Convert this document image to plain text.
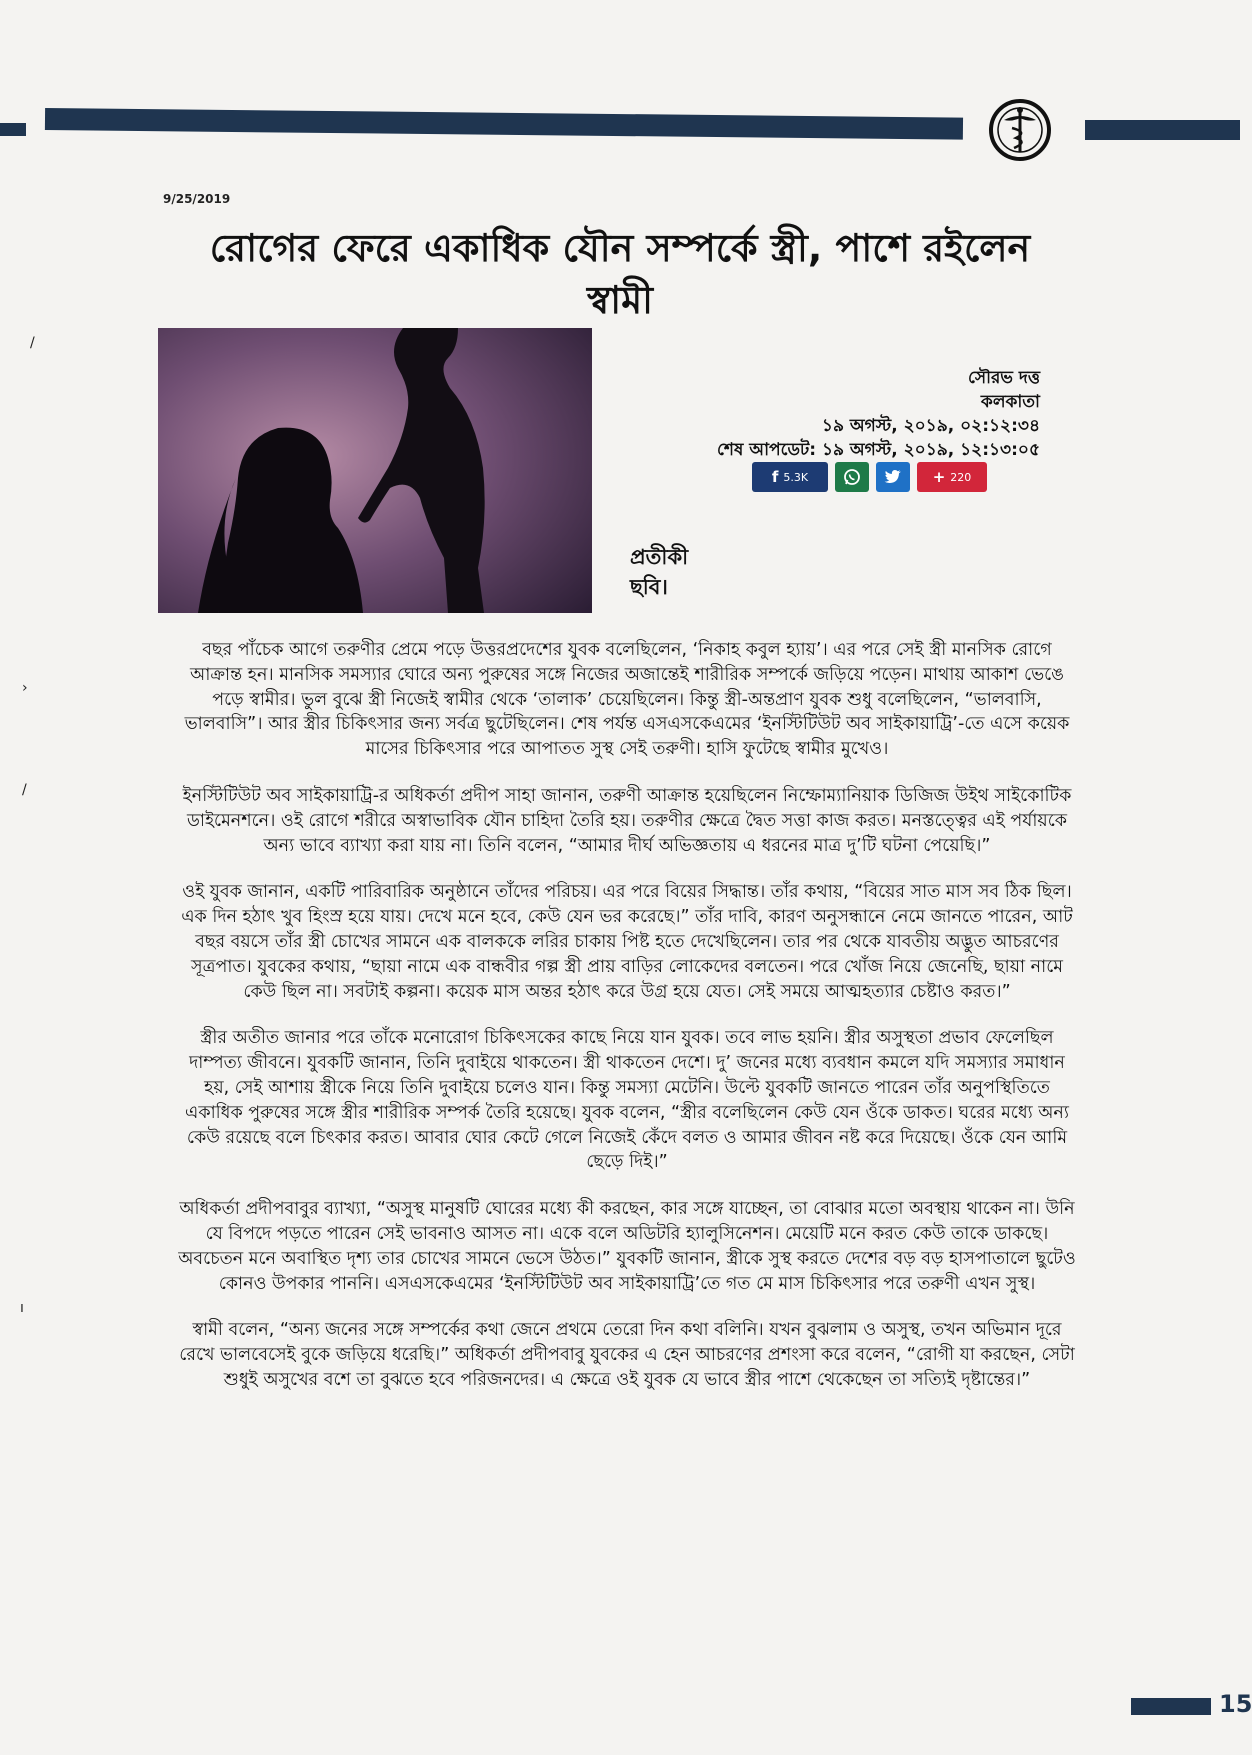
9/25/2019
রোগের ফেরে একাধিক যৌন সম্পর্কে স্ত্রী, পাশে রইলেন স্বামী
সৌরভ দত্ত
কলকাতা
১৯ অগস্ট, ২০১৯, ০২:১২:৩৪
শেষ আপডেট: ১৯ অগস্ট, ২০১৯, ১২:১৩:০৫
f 5.3K	+ 220
প্রতীকী ছবি।

বছর পাঁচেক আগে তরুণীর প্রেমে পড়ে উত্তরপ্রদেশের যুবক বলেছিলেন, ‘নিকাহ কবুল হ্যায়’। এর পরে সেই স্ত্রী মানসিক রোগে আক্রান্ত হন। মানসিক সমস্যার ঘোরে অন্য পুরুষের সঙ্গে নিজের অজান্তেই শারীরিক সম্পর্কে জড়িয়ে পড়েন। মাথায় আকাশ ভেঙে পড়ে স্বামীর। ভুল বুঝে স্ত্রী নিজেই স্বামীর থেকে ‘তালাক’ চেয়েছিলেন। কিন্তু স্ত্রী-অন্তপ্রাণ যুবক শুধু বলেছিলেন, “ভালবাসি, ভালবাসি”। আর স্ত্রীর চিকিৎসার জন্য সর্বত্র ছুটেছিলেন। শেষ পর্যন্ত এসএসকেএমের ‘ইনস্টিটিউট অব সাইকায়াট্রি’-তে এসে কয়েক মাসের চিকিৎসার পরে আপাতত সুস্থ সেই তরুণী। হাসি ফুটেছে স্বামীর মুখেও।

ইনস্টিটিউট অব সাইকায়াট্রি-র অধিকর্তা প্রদীপ সাহা জানান, তরুণী আক্রান্ত হয়েছিলেন নিম্ফোম্যানিয়াক ডিজিজ উইথ সাইকোটিক ডাইমেনশনে। ওই রোগে শরীরে অস্বাভাবিক যৌন চাহিদা তৈরি হয়। তরুণীর ক্ষেত্রে দ্বৈত সত্তা কাজ করত। মনস্তত্ত্বের এই পর্যায়কে অন্য ভাবে ব্যাখ্যা করা যায় না। তিনি বলেন, “আমার দীর্ঘ অভিজ্ঞতায় এ ধরনের মাত্র দু’টি ঘটনা পেয়েছি।”

ওই যুবক জানান, একটি পারিবারিক অনুষ্ঠানে তাঁদের পরিচয়। এর পরে বিয়ের সিদ্ধান্ত। তাঁর কথায়, “বিয়ের সাত মাস সব ঠিক ছিল। এক দিন হঠাৎ খুব হিংস্র হয়ে যায়। দেখে মনে হবে, কেউ যেন ভর করেছে।” তাঁর দাবি, কারণ অনুসন্ধানে নেমে জানতে পারেন, আট বছর বয়সে তাঁর স্ত্রী চোখের সামনে এক বালককে লরির চাকায় পিষ্ট হতে দেখেছিলেন। তার পর থেকে যাবতীয় অদ্ভুত আচরণের সূত্রপাত। যুবকের কথায়, “ছায়া নামে এক বান্ধবীর গল্প স্ত্রী প্রায় বাড়ির লোকেদের বলতেন। পরে খোঁজ নিয়ে জেনেছি, ছায়া নামে কেউ ছিল না। সবটাই কল্পনা। কয়েক মাস অন্তর হঠাৎ করে উগ্র হয়ে যেত। সেই সময়ে আত্মহত্যার চেষ্টাও করত।”

স্ত্রীর অতীত জানার পরে তাঁকে মনোরোগ চিকিৎসকের কাছে নিয়ে যান যুবক। তবে লাভ হয়নি। স্ত্রীর অসুস্থতা প্রভাব ফেলেছিল দাম্পত্য জীবনে। যুবকটি জানান, তিনি দুবাইয়ে থাকতেন। স্ত্রী থাকতেন দেশে। দু’ জনের মধ্যে ব্যবধান কমলে যদি সমস্যার সমাধান হয়, সেই আশায় স্ত্রীকে নিয়ে তিনি দুবাইয়ে চলেও যান। কিন্তু সমস্যা মেটেনি। উল্টে যুবকটি জানতে পারেন তাঁর অনুপস্থিতিতে একাধিক পুরুষের সঙ্গে স্ত্রীর শারীরিক সম্পর্ক তৈরি হয়েছে। যুবক বলেন, “স্ত্রীর বলেছিলেন কেউ যেন ওঁকে ডাকত। ঘরের মধ্যে অন্য কেউ রয়েছে বলে চিৎকার করত। আবার ঘোর কেটে গেলে নিজেই কেঁদে বলত ও আমার জীবন নষ্ট করে দিয়েছে। ওঁকে যেন আমি ছেড়ে দিই।”

অধিকর্তা প্রদীপবাবুর ব্যাখ্যা, “অসুস্থ মানুষটি ঘোরের মধ্যে কী করছেন, কার সঙ্গে যাচ্ছেন, তা বোঝার মতো অবস্থায় থাকেন না। উনি যে বিপদে পড়তে পারেন সেই ভাবনাও আসত না। একে বলে অডিটরি হ্যালুসিনেশন। মেয়েটি মনে করত কেউ তাকে ডাকছে। অবচেতন মনে অবাস্থিত দৃশ্য তার চোখের সামনে ভেসে উঠত।” যুবকটি জানান, স্ত্রীকে সুস্থ করতে দেশের বড় বড় হাসপাতালে ছুটেও কোনও উপকার পাননি। এসএসকেএমের ‘ইনস্টিটিউট অব সাইকায়াট্রি’তে গত মে মাস চিকিৎসার পরে তরুণী এখন সুস্থ।

স্বামী বলেন, “অন্য জনের সঙ্গে সম্পর্কের কথা জেনে প্রথমে তেরো দিন কথা বলিনি। যখন বুঝলাম ও অসুস্থ, তখন অভিমান দূরে রেখে ভালবেসেই বুকে জড়িয়ে ধরেছি।” অধিকর্তা প্রদীপবাবু যুবকের এ হেন আচরণের প্রশংসা করে বলেন, “রোগী যা করছেন, সেটা শুধুই অসুখের বশে তা বুঝতে হবে পরিজনদের। এ ক্ষেত্রে ওই যুবক যে ভাবে স্ত্রীর পাশে থেকেছেন তা সত্যিই দৃষ্টান্তের।”

/
›
/
ı
15
